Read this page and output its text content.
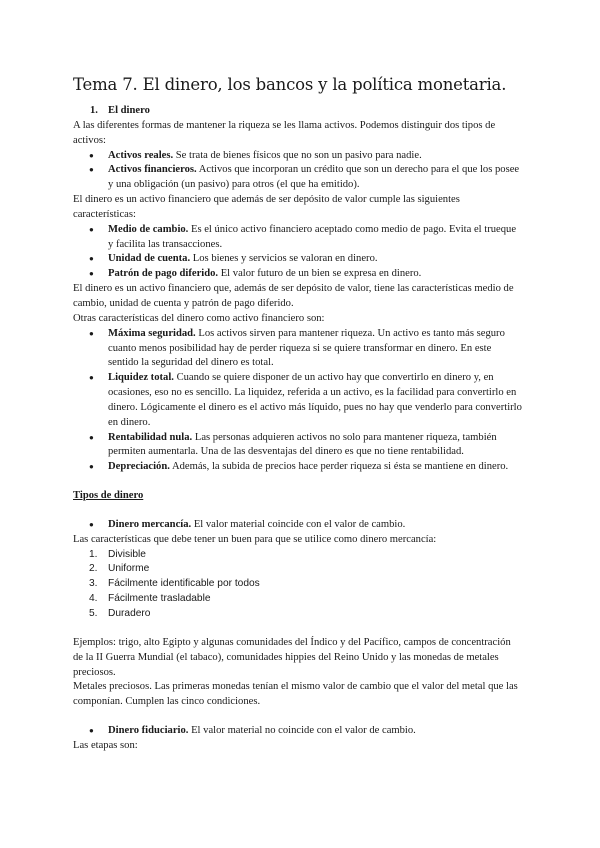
Tema 7. El dinero, los bancos y la política monetaria.

1. El dinero

A las diferentes formas de mantener la riqueza se les llama activos. Podemos distinguir dos tipos de activos:

● Activos reales. Se trata de bienes físicos que no son un pasivo para nadie.
● Activos financieros. Activos que incorporan un crédito que son un derecho para el que los posee y una obligación (un pasivo) para otros (el que ha emitido).

El dinero es un activo financiero que además de ser depósito de valor cumple las siguientes características:

● Medio de cambio. Es el único activo financiero aceptado como medio de pago. Evita el trueque y facilita las transacciones.
● Unidad de cuenta. Los bienes y servicios se valoran en dinero.
● Patrón de pago diferido. El valor futuro de un bien se expresa en dinero.

El dinero es un activo financiero que, además de ser depósito de valor, tiene las características medio de cambio, unidad de cuenta y patrón de pago diferido.

Otras características del dinero como activo financiero son:

● Máxima seguridad. Los activos sirven para mantener riqueza. Un activo es tanto más seguro cuanto menos posibilidad hay de perder riqueza si se quiere transformar en dinero. En este sentido la seguridad del dinero es total.
● Liquidez total. Cuando se quiere disponer de un activo hay que convertirlo en dinero y, en ocasiones, eso no es sencillo. La liquidez, referida a un activo, es la facilidad para convertirlo en dinero. Lógicamente el dinero es el activo más líquido, pues no hay que venderlo para convertirlo en dinero.
● Rentabilidad nula. Las personas adquieren activos no solo para mantener riqueza, también permiten aumentarla. Una de las desventajas del dinero es que no tiene rentabilidad.
● Depreciación. Además, la subida de precios hace perder riqueza si ésta se mantiene en dinero.

Tipos de dinero

● Dinero mercancía. El valor material coincide con el valor de cambio.

Las características que debe tener un buen para que se utilice como dinero mercancía:

1. Divisible
2. Uniforme
3. Fácilmente identificable por todos
4. Fácilmente trasladable
5. Duradero

Ejemplos: trigo, alto Egipto y algunas comunidades del Índico y del Pacífico, campos de concentración de la II Guerra Mundial (el tabaco), comunidades hippies del Reino Unido y las monedas de metales preciosos.

Metales preciosos. Las primeras monedas tenían el mismo valor de cambio que el valor del metal que las componían. Cumplen las cinco condiciones.

● Dinero fiduciario. El valor material no coincide con el valor de cambio.

Las etapas son:
